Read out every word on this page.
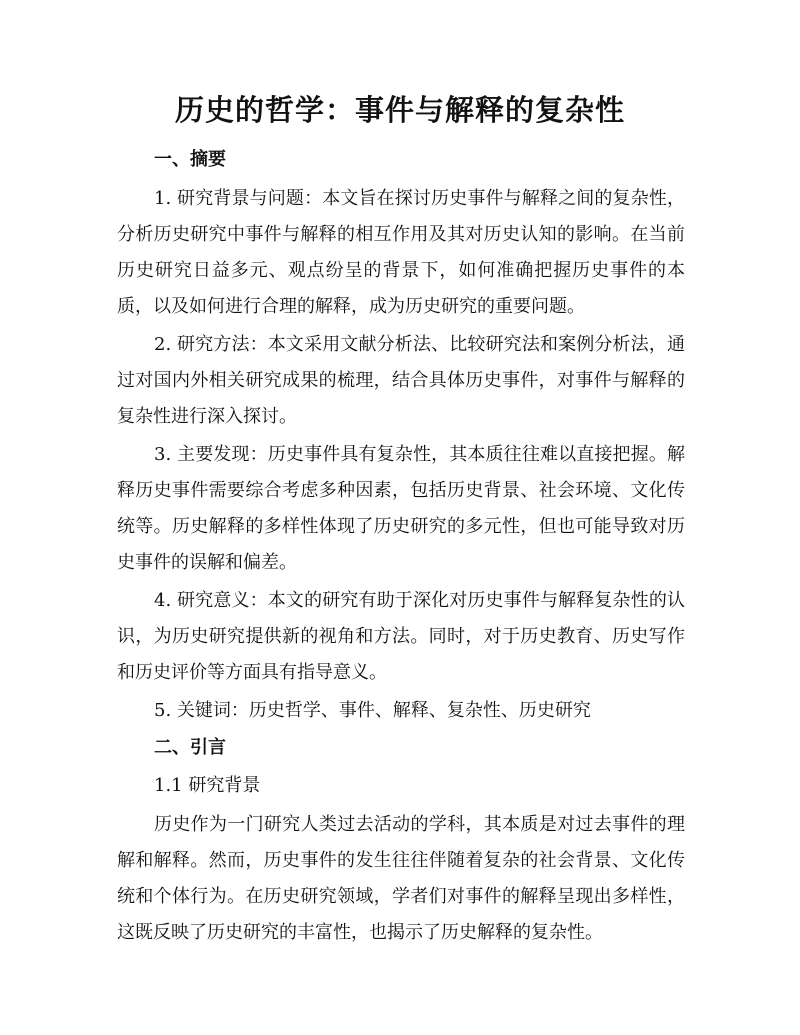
历史的哲学：事件与解释的复杂性
一、摘要

1. 研究背景与问题：本文旨在探讨历史事件与解释之间的复杂性，分析历史研究中事件与解释的相互作用及其对历史认知的影响。在当前历史研究日益多元、观点纷呈的背景下，如何准确把握历史事件的本质，以及如何进行合理的解释，成为历史研究的重要问题。

2. 研究方法：本文采用文献分析法、比较研究法和案例分析法，通过对国内外相关研究成果的梳理，结合具体历史事件，对事件与解释的复杂性进行深入探讨。

3. 主要发现：历史事件具有复杂性，其本质往往难以直接把握。解释历史事件需要综合考虑多种因素，包括历史背景、社会环境、文化传统等。历史解释的多样性体现了历史研究的多元性，但也可能导致对历史事件的误解和偏差。

4. 研究意义：本文的研究有助于深化对历史事件与解释复杂性的认识，为历史研究提供新的视角和方法。同时，对于历史教育、历史写作和历史评价等方面具有指导意义。

5. 关键词：历史哲学、事件、解释、复杂性、历史研究

二、引言
1.1 研究背景

历史作为一门研究人类过去活动的学科，其本质是对过去事件的理解和解释。然而，历史事件的发生往往伴随着复杂的社会背景、文化传统和个体行为。在历史研究领域，学者们对事件的解释呈现出多样性，这既反映了历史研究的丰富性，也揭示了历史解释的复杂性。
